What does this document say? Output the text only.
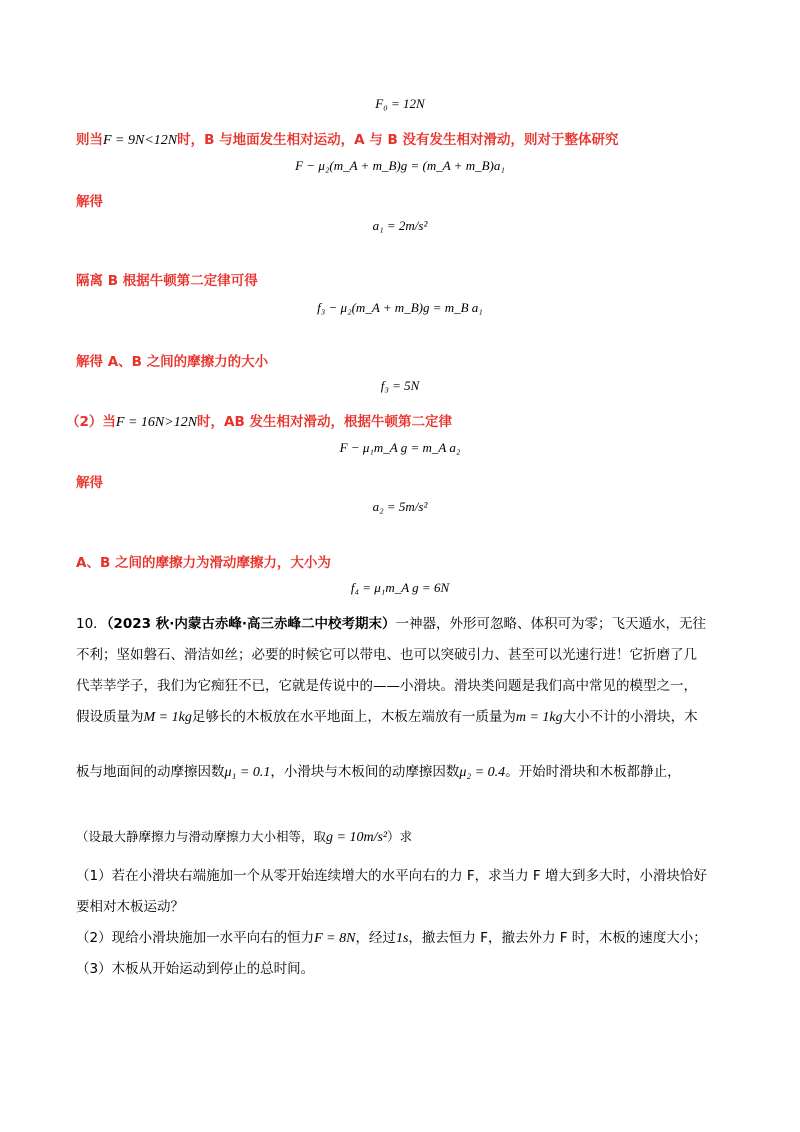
F₀ = 12N
则当F = 9N<12N时，B 与地面发生相对运动，A 与 B 没有发生相对滑动，则对于整体研究
F − μ₂(m_A + m_B)g = (m_A + m_B)a₁
解得
a₁ = 2m/s²
隔离 B 根据牛顿第二定律可得
f₃ − μ₂(m_A + m_B)g = m_B a₁
解得 A、B 之间的摩擦力的大小
f₃ = 5N
（2）当F = 16N>12N时，AB 发生相对滑动，根据牛顿第二定律
F − μ₁m_A g = m_A a₂
解得
a₂ = 5m/s²
A、B 之间的摩擦力为滑动摩擦力，大小为
f₄ = μ₁m_A g = 6N
10．（2023 秋·内蒙古赤峰·高三赤峰二中校考期末）一神器，外形可忽略、体积可为零；飞天遁水，无往
不利；坚如磐石、滑洁如丝；必要的时候它可以带电、也可以突破引力、甚至可以光速行进！它折磨了几
代莘莘学子，我们为它痴狂不已，它就是传说中的——小滑块。滑块类问题是我们高中常见的模型之一，
假设质量为M = 1kg足够长的木板放在水平地面上，木板左端放有一质量为m = 1kg大小不计的小滑块，木
板与地面间的动摩擦因数μ₁ = 0.1，小滑块与木板间的动摩擦因数μ₂ = 0.4。开始时滑块和木板都静止，
（设最大静摩擦力与滑动摩擦力大小相等，取g = 10m/s²）求
（1）若在小滑块右端施加一个从零开始连续增大的水平向右的力 F，求当力 F 增大到多大时，小滑块恰好
要相对木板运动？
（2）现给小滑块施加一水平向右的恒力F = 8N，经过1s，撤去恒力 F，撤去外力 F 时，木板的速度大小；
（3）木板从开始运动到停止的总时间。
